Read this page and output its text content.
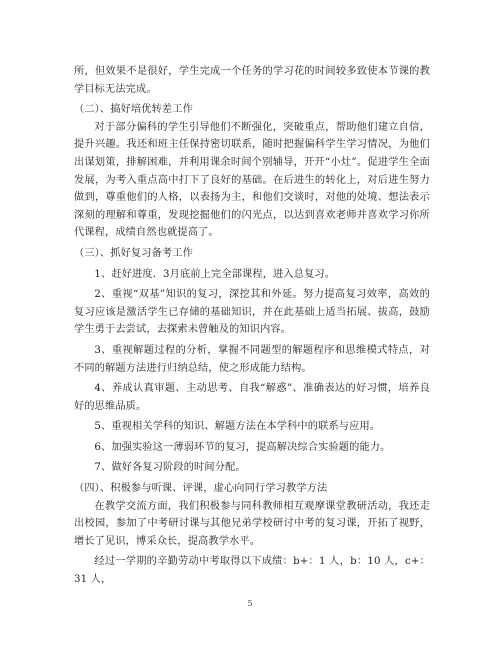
所，但效果不是很好，学生完成一个任务的学习花的时间较多致使本节课的教学目标无法完成。

（二）、搞好培优转差工作

对于部分偏科的学生引导他们不断强化，突破重点，帮助他们建立自信，提升兴趣。我还和班主任保持密切联系，随时把握偏科学生学习情况，为他们出谋划策，排解困难，并利用课余时间个别辅导，开开“小灶”。促进学生全面发展，为考入重点高中打下了良好的基础。在后进生的转化上，对后进生努力做到，尊重他们的人格，以表扬为主，和他们交谈时，对他的处境、想法表示深刻的理解和尊重，发现挖掘他们的闪光点，以达到喜欢老师并喜欢学习你所代课程，成绩自然也就提高了。

（三）、抓好复习备考工作

1、赶好进度．3月底前上完全部课程，进入总复习。

2、重视“双基”知识的复习，深挖其和外延。努力提高复习效率，高效的复习应该是激活学生已存储的基础知识，并在此基础上适当拓展、拔高，鼓励学生勇于去尝试，去探索未曾触及的知识内容。

3、重视解题过程的分析，掌握不同题型的解题程序和思维模式特点，对不同的解题方法进行归纳总结，使之形成能力结构。

4、养成认真审题、主动思考、自我“解惑”、准确表达的好习惯，培养良好的思维品质。

5、重视相关学科的知识、解题方法在本学科中的联系与应用。

6、加强实验这一薄弱环节的复习，提高解决综合实验题的能力。

7、做好各复习阶段的时间分配。

（四）、积极参与听课、评课，虚心向同行学习教学方法

在教学交流方面，我们积极参与同科教师相互观摩课堂教研活动，我还走出校园，参加了中考研讨课与其他兄弟学校研讨中考的复习课，开拓了视野，增长了见识，博采众长，提高教学水平。

经过一学期的辛勤劳动中考取得以下成绩：b+：1 人，b：10 人，c+：31 人，

5
